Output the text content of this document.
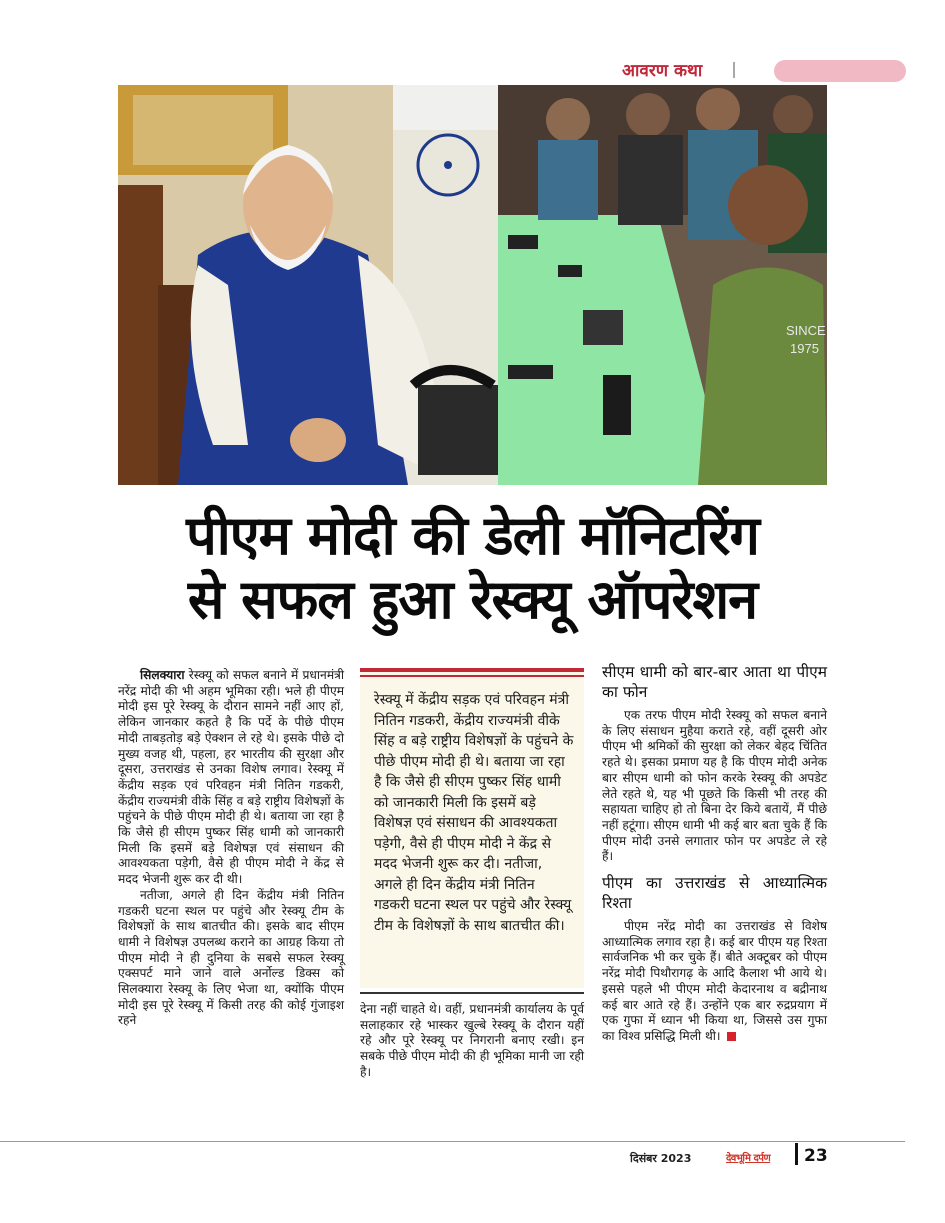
आवरण कथा
SINCE
1975
पीएम मोदी की डेली मॉनिटरिंग
से सफल हुआ रेस्क्यू ऑपरेशन

सिलक्यारा रेस्क्यू को सफल बनाने में प्रधानमंत्री नरेंद्र मोदी की भी अहम भूमिका रही। भले ही पीएम मोदी इस पूरे रेस्क्यू के दौरान सामने नहीं आए हों, लेकिन जानकार कहते है कि पर्दे के पीछे पीएम मोदी ताबड़तोड़ बड़े ऐक्शन ले रहे थे। इसके पीछे दो मुख्य वजह थी, पहला, हर भारतीय की सुरक्षा और दूसरा, उत्तराखंड से उनका विशेष लगाव। रेस्क्यू में केंद्रीय सड़क एवं परिवहन मंत्री नितिन गडकरी, केंद्रीय राज्यमंत्री वीके सिंह व बड़े राष्ट्रीय विशेषज्ञों के पहुंचने के पीछे पीएम मोदी ही थे। बताया जा रहा है कि जैसे ही सीएम पुष्कर सिंह धामी को जानकारी मिली कि इसमें बड़े विशेषज्ञ एवं संसाधन की आवश्यकता पड़ेगी, वैसे ही पीएम मोदी ने केंद्र से मदद भेजनी शुरू कर दी थी।

नतीजा, अगले ही दिन केंद्रीय मंत्री नितिन गडकरी घटना स्थल पर पहुंचे और रेस्क्यू टीम के विशेषज्ञों के साथ बातचीत की। इसके बाद सीएम धामी ने विशेषज्ञ उपलब्ध कराने का आग्रह किया तो पीएम मोदी ने ही दुनिया के सबसे सफल रेस्क्यू एक्सपर्ट माने जाने वाले अर्नोल्ड डिक्स को सिलक्यारा रेस्क्यू के लिए भेजा था, क्योंकि पीएम मोदी इस पूरे रेस्क्यू में किसी तरह की कोई गुंजाइश रहने

रेस्क्यू में केंद्रीय सड़क एवं परिवहन मंत्री नितिन गडकरी, केंद्रीय राज्यमंत्री वीके सिंह व बड़े राष्ट्रीय विशेषज्ञों के पहुंचने के पीछे पीएम मोदी ही थे। बताया जा रहा है कि जैसे ही सीएम पुष्कर सिंह धामी को जानकारी मिली कि इसमें बड़े विशेषज्ञ एवं संसाधन की आवश्यकता पड़ेगी, वैसे ही पीएम मोदी ने केंद्र से मदद भेजनी शुरू कर दी। नतीजा, अगले ही दिन केंद्रीय मंत्री नितिन गडकरी घटना स्थल पर पहुंचे और रेस्क्यू टीम के विशेषज्ञों के साथ बातचीत की।

देना नहीं चाहते थे। वहीं, प्रधानमंत्री कार्यालय के पूर्व सलाहकार रहे भास्कर खुल्बे रेस्क्यू के दौरान यहीं रहे और पूरे रेस्क्यू पर निगरानी बनाए रखी। इन सबके पीछे पीएम मोदी की ही भूमिका मानी जा रही है।

सीएम धामी को बार-बार आता था पीएम का फोन

एक तरफ पीएम मोदी रेस्क्यू को सफल बनाने के लिए संसाधन मुहैया कराते रहे, वहीं दूसरी ओर पीएम भी श्रमिकों की सुरक्षा को लेकर बेहद चिंतित रहते थे। इसका प्रमाण यह है कि पीएम मोदी अनेक बार सीएम धामी को फोन करके रेस्क्यू की अपडेट लेते रहते थे, यह भी पूछते कि किसी भी तरह की सहायता चाहिए हो तो बिना देर किये बतायें, मैं पीछे नहीं हटूंगा। सीएम धामी भी कई बार बता चुके हैं कि पीएम मोदी उनसे लगातार फोन पर अपडेट ले रहे हैं।

पीएम का उत्तराखंड से आध्यात्मिक रिश्ता

पीएम नरेंद्र मोदी का उत्तराखंड से विशेष आध्यात्मिक लगाव रहा है। कई बार पीएम यह रिश्ता सार्वजनिक भी कर चुके हैं। बीते अक्टूबर को पीएम नरेंद्र मोदी पिथौरागढ़ के आदि कैलाश भी आये थे। इससे पहले भी पीएम मोदी केदारनाथ व बद्रीनाथ कई बार आते रहे हैं। उन्होंने एक बार रुद्रप्रयाग में एक गुफा में ध्यान भी किया था, जिससे उस गुफा का विश्व प्रसिद्धि मिली थी।

दिसंबर 2023	देवभूमि दर्पण 23
